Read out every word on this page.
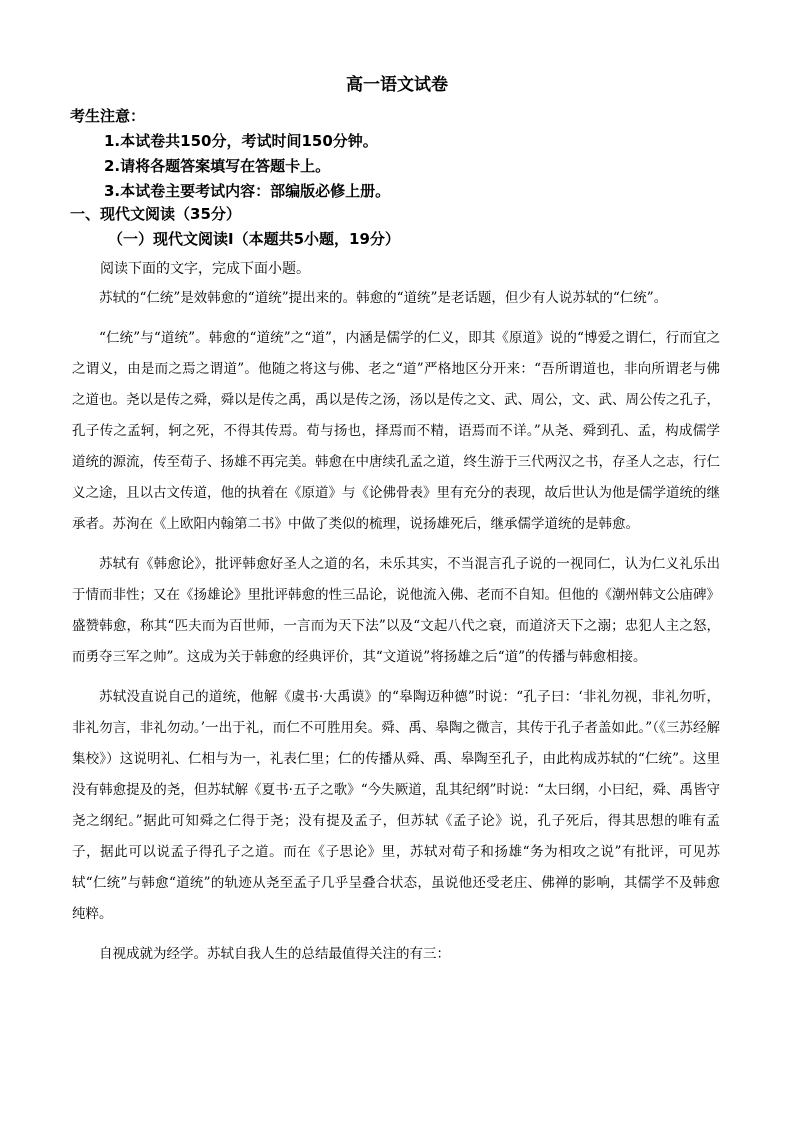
高一语文试卷
考生注意：
1.本试卷共150分，考试时间150分钟。
2.请将各题答案填写在答题卡上。
3.本试卷主要考试内容：部编版必修上册。
一、现代文阅读（35分）
（一）现代文阅读Ⅰ（本题共5小题，19分）
阅读下面的文字，完成下面小题。

苏轼的“仁统”是效韩愈的“道统”提出来的。韩愈的“道统”是老话题，但少有人说苏轼的“仁统”。

“仁统”与“道统”。韩愈的“道统”之“道”，内涵是儒学的仁义，即其《原道》说的“博爱之谓仁，行而宜之之谓义，由是而之焉之谓道”。他随之将这与佛、老之“道”严格地区分开来：“吾所谓道也，非向所谓老与佛之道也。尧以是传之舜，舜以是传之禹，禹以是传之汤，汤以是传之文、武、周公，文、武、周公传之孔子，孔子传之孟轲，轲之死，不得其传焉。荀与扬也，择焉而不精，语焉而不详。”从尧、舜到孔、孟，构成儒学道统的源流，传至荀子、扬雄不再完美。韩愈在中唐续孔孟之道，终生游于三代两汉之书，存圣人之志，行仁义之途，且以古文传道，他的执着在《原道》与《论佛骨表》里有充分的表现，故后世认为他是儒学道统的继承者。苏洵在《上欧阳内翰第二书》中做了类似的梳理，说扬雄死后，继承儒学道统的是韩愈。

苏轼有《韩愈论》，批评韩愈好圣人之道的名，未乐其实，不当混言孔子说的一视同仁，认为仁义礼乐出于情而非性；又在《扬雄论》里批评韩愈的性三品论，说他流入佛、老而不自知。但他的《潮州韩文公庙碑》盛赞韩愈，称其“匹夫而为百世师，一言而为天下法”以及“文起八代之衰，而道济天下之溺；忠犯人主之怒，而勇夺三军之帅”。这成为关于韩愈的经典评价，其“文道说”将扬雄之后“道”的传播与韩愈相接。

苏轼没直说自己的道统，他解《虞书·大禹谟》的“皋陶迈种德”时说：“孔子曰：‘非礼勿视，非礼勿听，非礼勿言，非礼勿动。’一出于礼，而仁不可胜用矣。舜、禹、皋陶之微言，其传于孔子者盖如此。”（《三苏经解集校》）这说明礼、仁相与为一，礼表仁里；仁的传播从舜、禹、皋陶至孔子，由此构成苏轼的“仁统”。这里没有韩愈提及的尧，但苏轼解《夏书·五子之歌》“今失厥道，乱其纪纲”时说：“太曰纲，小曰纪，舜、禹皆守尧之纲纪。”据此可知舜之仁得于尧；没有提及孟子，但苏轼《孟子论》说，孔子死后，得其思想的唯有孟子，据此可以说孟子得孔子之道。而在《子思论》里，苏轼对荀子和扬雄“务为相攻之说”有批评，可见苏轼“仁统”与韩愈“道统”的轨迹从尧至孟子几乎呈叠合状态，虽说他还受老庄、佛禅的影响，其儒学不及韩愈纯粹。

自视成就为经学。苏轼自我人生的总结最值得关注的有三：
